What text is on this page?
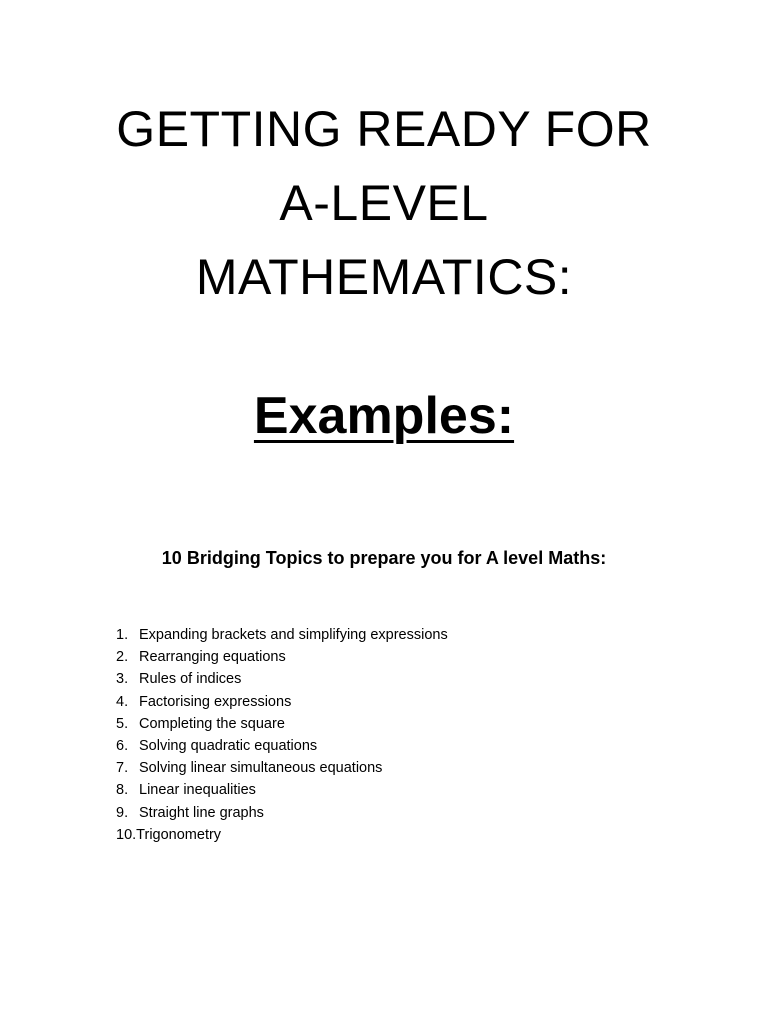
GETTING READY FOR
A-LEVEL
MATHEMATICS:
Examples:
10 Bridging Topics to prepare you for A level Maths:
1. Expanding brackets and simplifying expressions
2. Rearranging equations
3. Rules of indices
4. Factorising expressions
5. Completing the square
6. Solving quadratic equations
7. Solving linear simultaneous equations
8. Linear inequalities
9. Straight line graphs
10. Trigonometry
